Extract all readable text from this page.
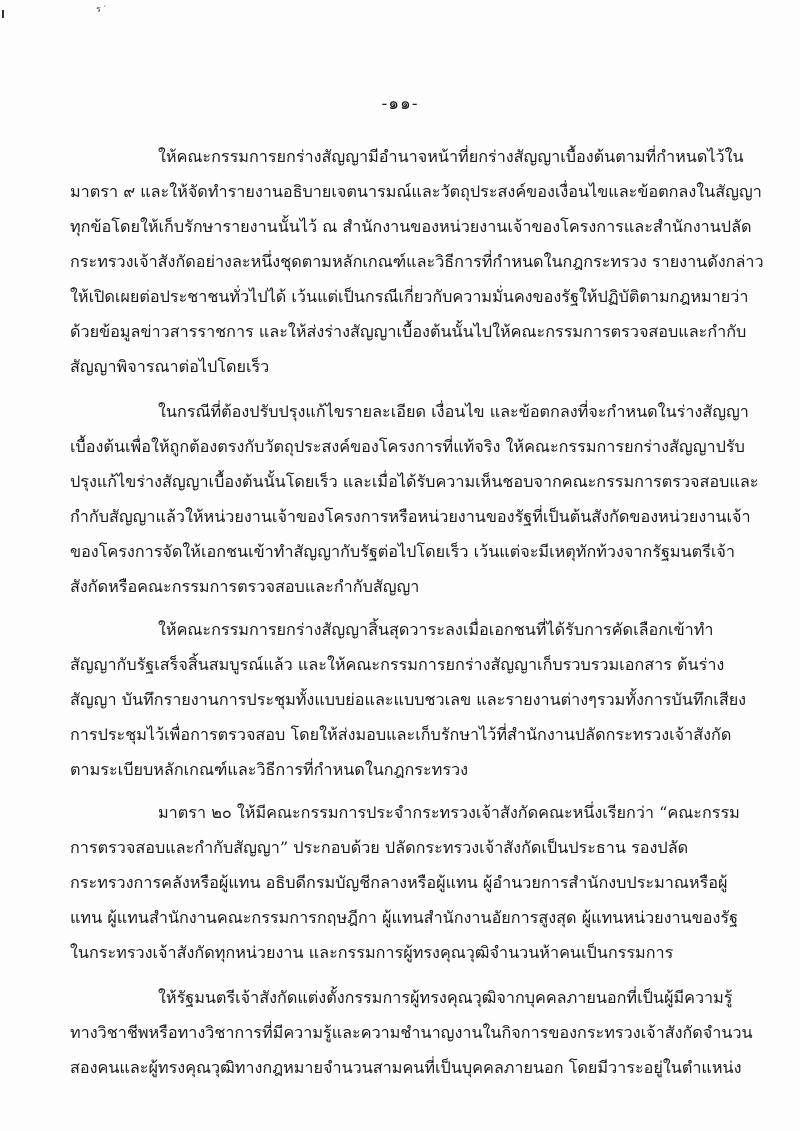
ร ′
-๑๑-
ให้คณะกรรมการยกร่างสัญญามีอำนาจหน้าที่ยกร่างสัญญาเบื้องต้นตามที่กำหนดไว้ใน
มาตรา ๙ และให้จัดทำรายงานอธิบายเจตนารมณ์และวัตถุประสงค์ของเงื่อนไขและข้อตกลงในสัญญา
ทุกข้อโดยให้เก็บรักษารายงานนั้นไว้ ณ สำนักงานของหน่วยงานเจ้าของโครงการและสำนักงานปลัด
กระทรวงเจ้าสังกัดอย่างละหนึ่งชุดตามหลักเกณฑ์และวิธีการที่กำหนดในกฎกระทรวง รายงานดังกล่าว
ให้เปิดเผยต่อประชาชนทั่วไปได้ เว้นแต่เป็นกรณีเกี่ยวกับความมั่นคงของรัฐให้ปฏิบัติตามกฎหมายว่า
ด้วยข้อมูลข่าวสารราชการ และให้ส่งร่างสัญญาเบื้องต้นนั้นไปให้คณะกรรมการตรวจสอบและกำกับ
สัญญาพิจารณาต่อไปโดยเร็ว
ในกรณีที่ต้องปรับปรุงแก้ไขรายละเอียด เงื่อนไข และข้อตกลงที่จะกำหนดในร่างสัญญา
เบื้องต้นเพื่อให้ถูกต้องตรงกับวัตถุประสงค์ของโครงการที่แท้จริง ให้คณะกรรมการยกร่างสัญญาปรับ
ปรุงแก้ไขร่างสัญญาเบื้องต้นนั้นโดยเร็ว และเมื่อได้รับความเห็นชอบจากคณะกรรมการตรวจสอบและ
กำกับสัญญาแล้วให้หน่วยงานเจ้าของโครงการหรือหน่วยงานของรัฐที่เป็นต้นสังกัดของหน่วยงานเจ้า
ของโครงการจัดให้เอกชนเข้าทำสัญญากับรัฐต่อไปโดยเร็ว เว้นแต่จะมีเหตุทักท้วงจากรัฐมนตรีเจ้า
สังกัดหรือคณะกรรมการตรวจสอบและกำกับสัญญา
ให้คณะกรรมการยกร่างสัญญาสิ้นสุดวาระลงเมื่อเอกชนที่ได้รับการคัดเลือกเข้าทำ
สัญญากับรัฐเสร็จสิ้นสมบูรณ์แล้ว และให้คณะกรรมการยกร่างสัญญาเก็บรวบรวมเอกสาร ต้นร่าง
สัญญา บันทึกรายงานการประชุมทั้งแบบย่อและแบบชวเลข และรายงานต่างๆรวมทั้งการบันทึกเสียง
การประชุมไว้เพื่อการตรวจสอบ โดยให้ส่งมอบและเก็บรักษาไว้ที่สำนักงานปลัดกระทรวงเจ้าสังกัด
ตามระเบียบหลักเกณฑ์และวิธีการที่กำหนดในกฎกระทรวง
มาตรา ๒๐ ให้มีคณะกรรมการประจำกระทรวงเจ้าสังกัดคณะหนึ่งเรียกว่า “คณะกรรม
การตรวจสอบและกำกับสัญญา” ประกอบด้วย ปลัดกระทรวงเจ้าสังกัดเป็นประธาน รองปลัด
กระทรวงการคลังหรือผู้แทน อธิบดีกรมบัญชีกลางหรือผู้แทน ผู้อำนวยการสำนักงบประมาณหรือผู้
แทน ผู้แทนสำนักงานคณะกรรมการกฤษฎีกา ผู้แทนสำนักงานอัยการสูงสุด ผู้แทนหน่วยงานของรัฐ
ในกระทรวงเจ้าสังกัดทุกหน่วยงาน และกรรมการผู้ทรงคุณวุฒิจำนวนห้าคนเป็นกรรมการ
ให้รัฐมนตรีเจ้าสังกัดแต่งตั้งกรรมการผู้ทรงคุณวุฒิจากบุคคลภายนอกที่เป็นผู้มีความรู้
ทางวิชาชีพหรือทางวิชาการที่มีความรู้และความชำนาญงานในกิจการของกระทรวงเจ้าสังกัดจำนวน
สองคนและผู้ทรงคุณวุฒิทางกฎหมายจำนวนสามคนที่เป็นบุคคลภายนอก โดยมีวาระอยู่ในตำแหน่ง
